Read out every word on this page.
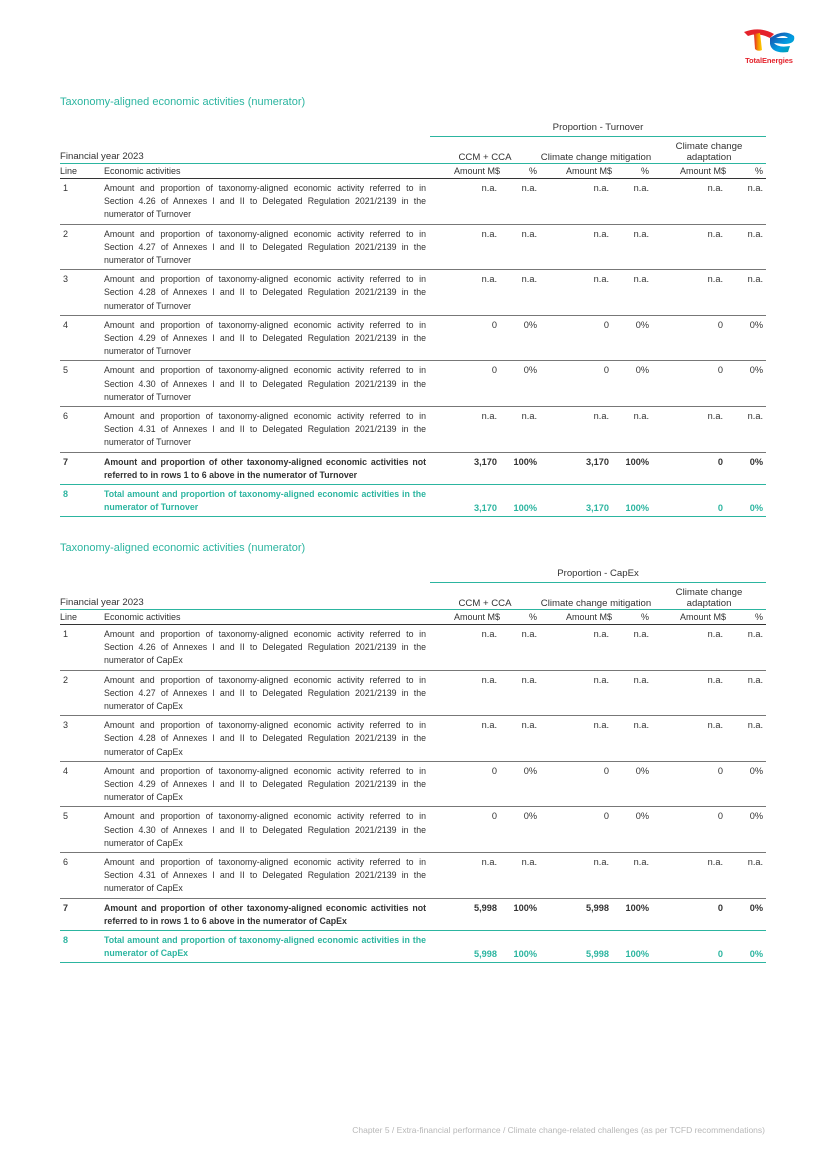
TotalEnergies
Taxonomy-aligned economic activities (numerator)
		Proportion - Turnover					
Financial year 2023		CCM + CCA		Climate change mitigation		Climate change adaptation	
Line	Economic activities	Amount M$	%	Amount M$	%	Amount M$	%
1	Amount and proportion of taxonomy-aligned economic activity referred to in Section 4.26 of Annexes I and II to Delegated Regulation 2021/2139 in the numerator of Turnover	n.a.	n.a.	n.a.	n.a.	n.a.	n.a.
2	Amount and proportion of taxonomy-aligned economic activity referred to in Section 4.27 of Annexes I and II to Delegated Regulation 2021/2139 in the numerator of Turnover	n.a.	n.a.	n.a.	n.a.	n.a.	n.a.
3	Amount and proportion of taxonomy-aligned economic activity referred to in Section 4.28 of Annexes I and II to Delegated Regulation 2021/2139 in the numerator of Turnover	n.a.	n.a.	n.a.	n.a.	n.a.	n.a.
4	Amount and proportion of taxonomy-aligned economic activity referred to in Section 4.29 of Annexes I and II to Delegated Regulation 2021/2139 in the numerator of Turnover	0	0%	0	0%	0	0%
5	Amount and proportion of taxonomy-aligned economic activity referred to in Section 4.30 of Annexes I and II to Delegated Regulation 2021/2139 in the numerator of Turnover	0	0%	0	0%	0	0%
6	Amount and proportion of taxonomy-aligned economic activity referred to in Section 4.31 of Annexes I and II to Delegated Regulation 2021/2139 in the numerator of Turnover	n.a.	n.a.	n.a.	n.a.	n.a.	n.a.
7	Amount and proportion of other taxonomy-aligned economic activities not referred to in rows 1 to 6 above in the numerator of Turnover	3,170	100%	3,170	100%	0	0%
8	Total amount and proportion of taxonomy-aligned economic activities in the numerator of Turnover	3,170	100%	3,170	100%	0	0%
Taxonomy-aligned economic activities (numerator)
		Proportion - CapEx					
Financial year 2023		CCM + CCA		Climate change mitigation		Climate change adaptation	
Line	Economic activities	Amount M$	%	Amount M$	%	Amount M$	%
1	Amount and proportion of taxonomy-aligned economic activity referred to in Section 4.26 of Annexes I and II to Delegated Regulation 2021/2139 in the numerator of CapEx	n.a.	n.a.	n.a.	n.a.	n.a.	n.a.
2	Amount and proportion of taxonomy-aligned economic activity referred to in Section 4.27 of Annexes I and II to Delegated Regulation 2021/2139 in the numerator of CapEx	n.a.	n.a.	n.a.	n.a.	n.a.	n.a.
3	Amount and proportion of taxonomy-aligned economic activity referred to in Section 4.28 of Annexes I and II to Delegated Regulation 2021/2139 in the numerator of CapEx	n.a.	n.a.	n.a.	n.a.	n.a.	n.a.
4	Amount and proportion of taxonomy-aligned economic activity referred to in Section 4.29 of Annexes I and II to Delegated Regulation 2021/2139 in the numerator of CapEx	0	0%	0	0%	0	0%
5	Amount and proportion of taxonomy-aligned economic activity referred to in Section 4.30 of Annexes I and II to Delegated Regulation 2021/2139 in the numerator of CapEx	0	0%	0	0%	0	0%
6	Amount and proportion of taxonomy-aligned economic activity referred to in Section 4.31 of Annexes I and II to Delegated Regulation 2021/2139 in the numerator of CapEx	n.a.	n.a.	n.a.	n.a.	n.a.	n.a.
7	Amount and proportion of other taxonomy-aligned economic activities not referred to in rows 1 to 6 above in the numerator of CapEx	5,998	100%	5,998	100%	0	0%
8	Total amount and proportion of taxonomy-aligned economic activities in the numerator of CapEx	5,998	100%	5,998	100%	0	0%
Chapter 5 / Extra-financial performance / Climate change-related challenges (as per TCFD recommendations)
